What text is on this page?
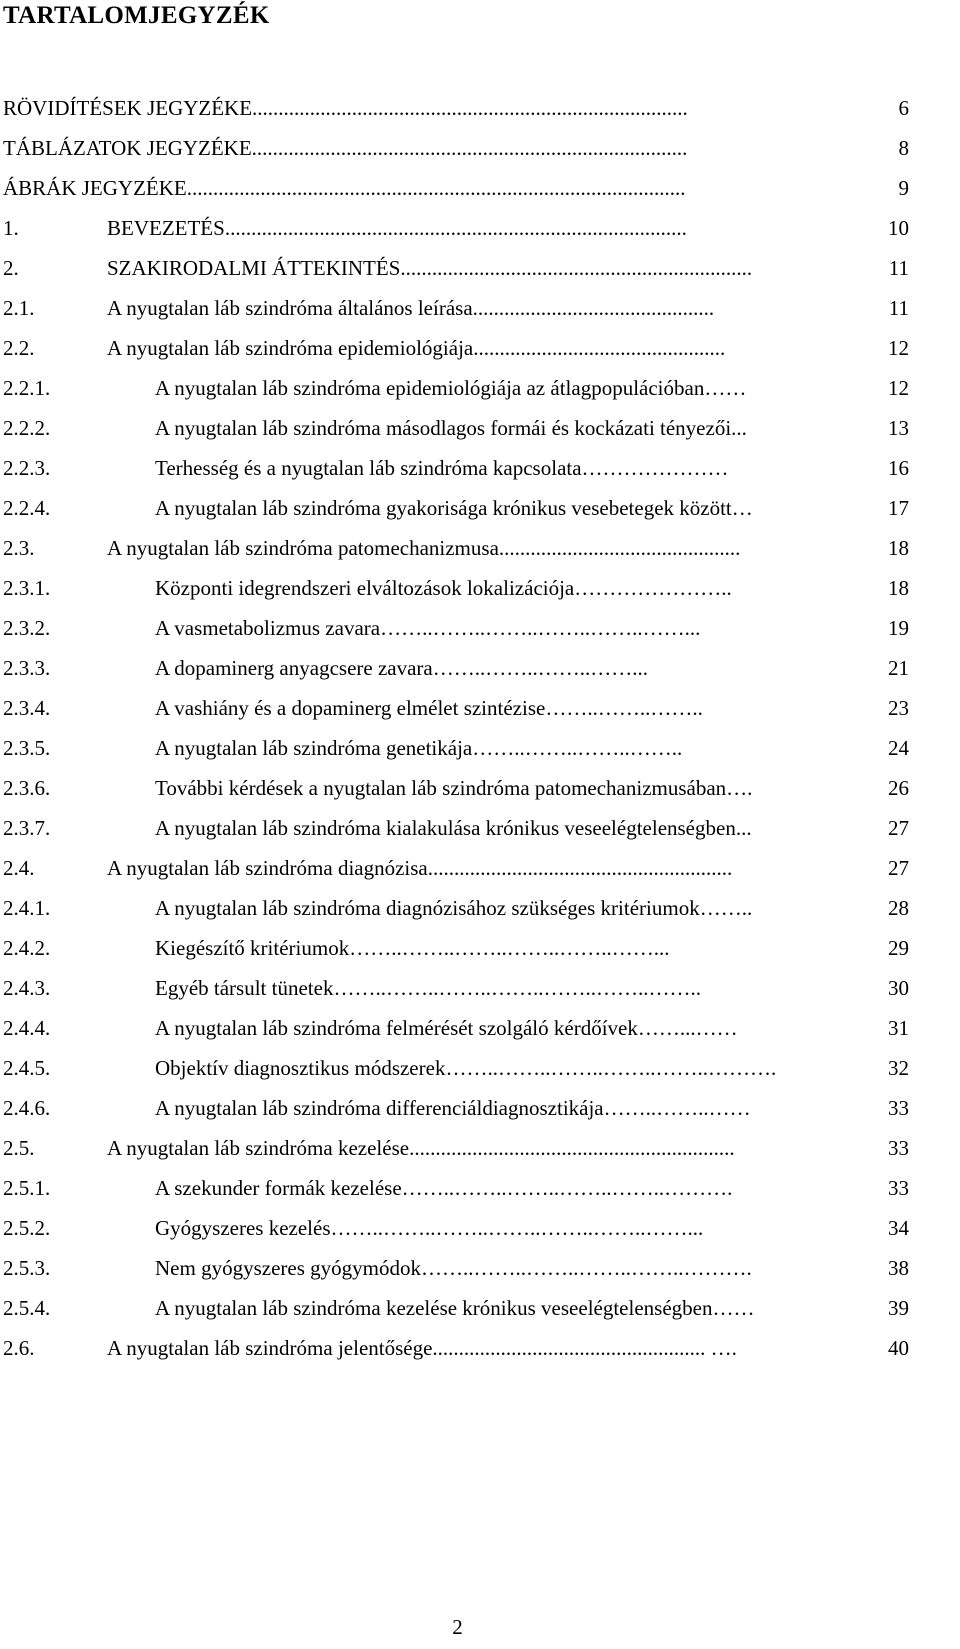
TARTALOMJEGYZÉK
RÖVIDÍTÉSEK JEGYZÉKE...................................................................................	6
TÁBLÁZATOK JEGYZÉKE...................................................................................	8
ÁBRÁK JEGYZÉKE...............................................................................................	9
1.	BEVEZETÉS........................................................................................	10
2.	SZAKIRODALMI ÁTTEKINTÉS...................................................................	11
2.1.	A nyugtalan láb szindróma általános leírása..............................................	11
2.2.	A nyugtalan láb szindróma epidemiológiája................................................	12
2.2.1.	A nyugtalan láb szindróma epidemiológiája az átlagpopulációban……	12
2.2.2.	A nyugtalan láb szindróma másodlagos formái és kockázati tényezői...	13
2.2.3.	Terhesség és a nyugtalan láb szindróma kapcsolata…………………	16
2.2.4.	A nyugtalan láb szindróma gyakorisága krónikus vesebetegek között…	17
2.3.	A nyugtalan láb szindróma patomechanizmusa..............................................	18
2.3.1.	Központi idegrendszeri elváltozások lokalizációja…………………..	18
2.3.2.	A vasmetabolizmus zavara……..……..……..……..……..……...	19
2.3.3.	A dopaminerg anyagcsere zavara……..……..……..……...	21
2.3.4.	A vashiány és a dopaminerg elmélet szintézise……..……..……..	23
2.3.5.	A nyugtalan láb szindróma genetikája……..……..……..……..	24
2.3.6.	További kérdések a nyugtalan láb szindróma patomechanizmusában….	26
2.3.7.	A nyugtalan láb szindróma kialakulása krónikus veseelégtelenségben...	27
2.4.	A nyugtalan láb szindróma diagnózisa..........................................................	27
2.4.1.	A nyugtalan láb szindróma diagnózisához szükséges kritériumok……..	28
2.4.2.	Kiegészítő kritériumok……..……..……..……..……..……...	29
2.4.3.	Egyéb társult tünetek……..……..……..……..……..……..……..	30
2.4.4.	A nyugtalan láb szindróma felmérését szolgáló kérdőívek……...……	31
2.4.5.	Objektív diagnosztikus módszerek……..……..……..……..……..……….	32
2.4.6.	A nyugtalan láb szindróma differenciáldiagnosztikája……..……..……	33
2.5.	A nyugtalan láb szindróma kezelése..............................................................	33
2.5.1.	A szekunder formák kezelése……..……..……..……..……..……….	33
2.5.2.	Gyógyszeres kezelés……..……..……..……..……..……..……...	34
2.5.3.	Nem gyógyszeres gyógymódok……..……..……..……..……..……….	38
2.5.4.	A nyugtalan láb szindróma kezelése krónikus veseelégtelenségben……	39
2.6.	A nyugtalan láb szindróma jelentősége.................................................... ….	40
2
